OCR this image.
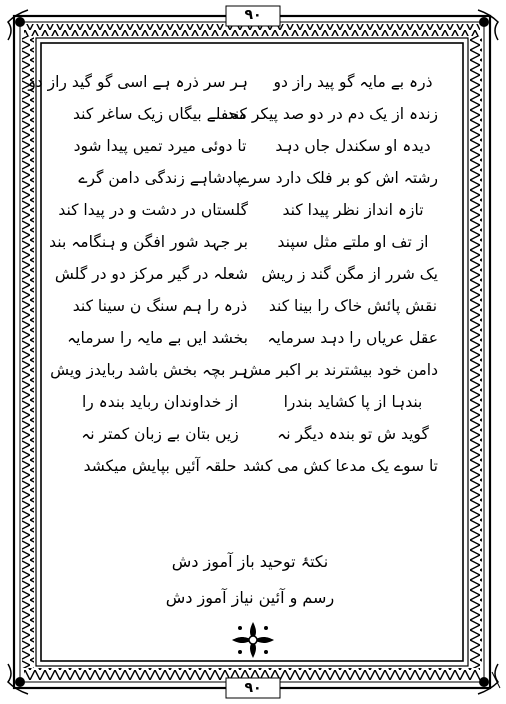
۹۰
۹۰
ذرہ بے مایہ گو پید راز دو
ہر سر ذرہ ہے اسی گو گید راز دو
زندہ از یک دم در دو صد پیکر کند
محفلے بیگاں زیک ساغر کند
دیدہ او سکندل جاں دہد
تا دوئی میرد تمیں پیدا شود
رشتہ اش کو بر فلک دارد سرے
پادشاہے زندگی دامن گرے
تازہ انداز نظر پیدا کند
گلستاں در دشت و در پیدا کند
از تف او ملتے مثل سپند
بر جہد شور افگن و ہنگامہ بند
یک شرر از مگن گند ز ریش
شعلہ در گیر مرکز دو در گلش
نقش پائش خاک را بینا کند
ذرہ را ہم سنگ ن سینا کند
عقل عریاں را دہد سرمایہ
بخشد ایں بے مایہ را سرمایہ
دامن خود بیشترند بر اکبر مش
ہر بچہ بخش باشد ربایدز ویش
بندہا از پا کشاید بندرا
از خداوندان رباید بندہ را
گوید ش تو بندہ دیگر نہ
زیں بتان بے زبان کمتر نہ
تا سوے یک مدعا کش می کشد
حلقہ آئیں بپایش میکشد
نکتۂ توحید باز آموز دش
رسم و آئین نیاز آموز دش
